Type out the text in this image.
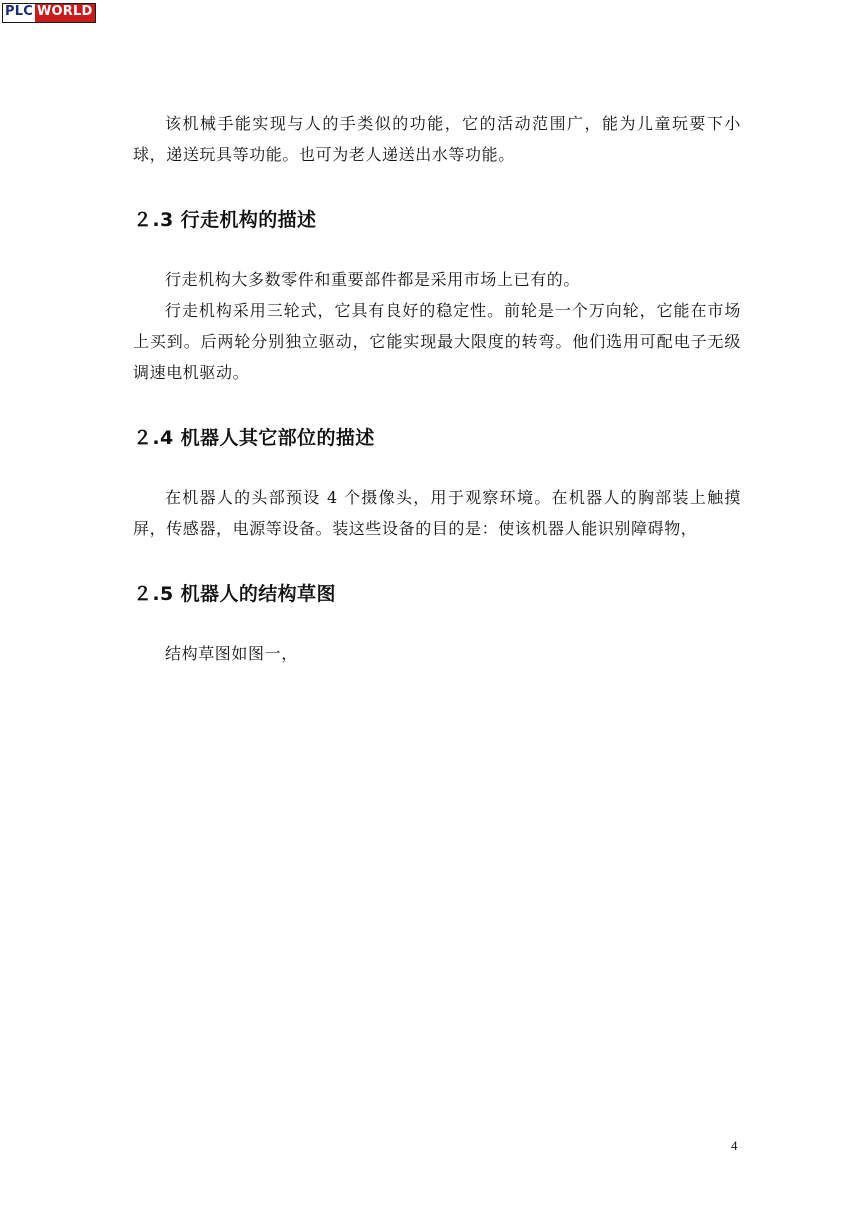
PLC WORLD

该机械手能实现与人的手类似的功能，它的活动范围广，能为儿童玩要下小球，递送玩具等功能。也可为老人递送出水等功能。

２.3 行走机构的描述

行走机构大多数零件和重要部件都是采用市场上已有的。

行走机构采用三轮式，它具有良好的稳定性。前轮是一个万向轮，它能在市场上买到。后两轮分别独立驱动，它能实现最大限度的转弯。他们选用可配电子无级调速电机驱动。

２.4 机器人其它部位的描述

在机器人的头部预设 4 个摄像头，用于观察环境。在机器人的胸部装上触摸屏，传感器，电源等设备。装这些设备的目的是：使该机器人能识别障碍物，

２.5 机器人的结构草图

结构草图如图一，

4
